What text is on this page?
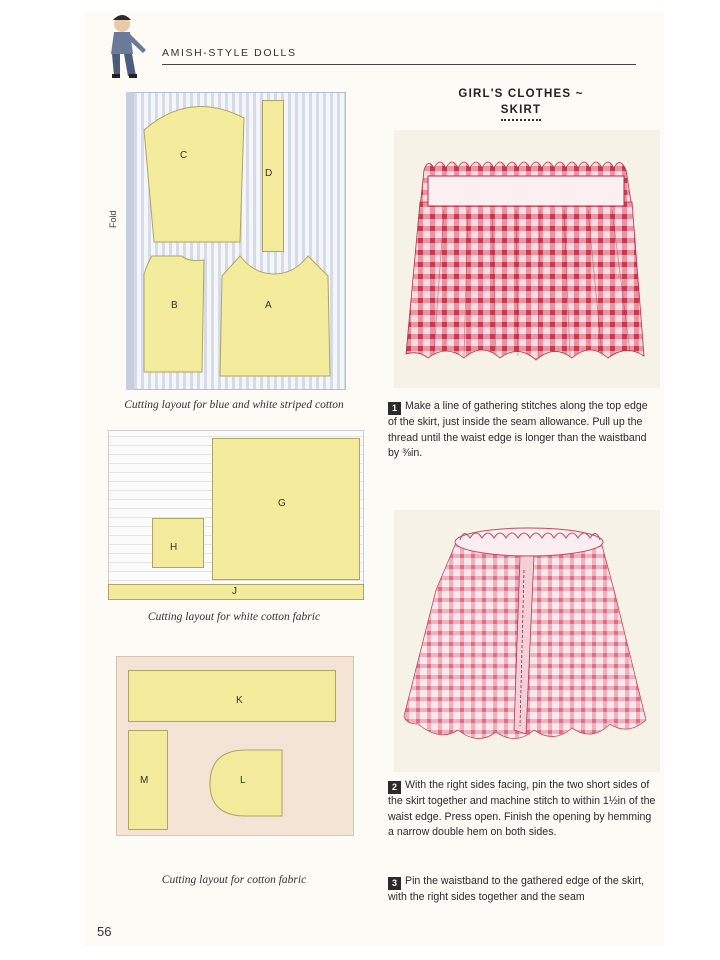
AMISH-STYLE DOLLS
GIRL'S CLOTHES ~
SKIRT
Fold
C
D
B	A
Cutting layout for blue and white striped cotton
G
H
J
Cutting layout for white cotton fabric
K
M	L
Cutting layout for cotton fabric
1 Make a line of gathering stitches along the top edge of the skirt, just inside the seam allowance. Pull up the thread until the waist edge is longer than the waistband by ⅜in.
2 With the right sides facing, pin the two short sides of the skirt together and machine stitch to within 1½in of the waist edge. Press open. Finish the opening by hemming a narrow double hem on both sides.
3 Pin the waistband to the gathered edge of the skirt, with the right sides together and the seam
56
